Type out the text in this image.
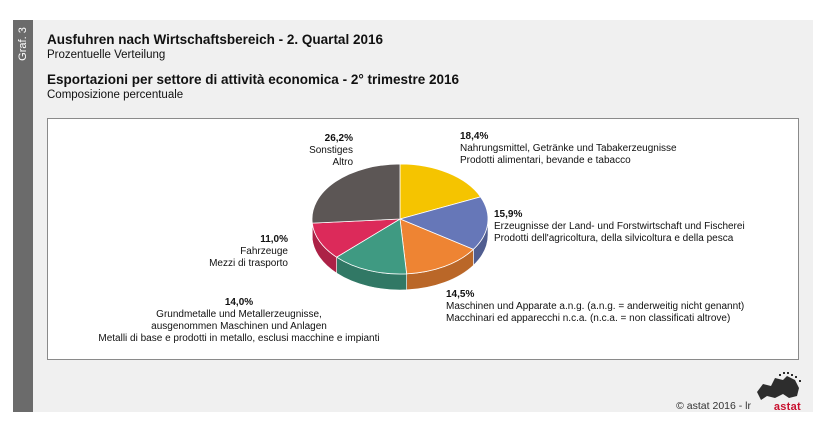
Graf. 3 Ausfuhren nach Wirtschaftsbereich - 2. Quartal 2016
Prozentuelle Verteilung
Esportazioni per settore di attività economica - 2° trimestre 2016
Composizione percentuale
18,4%
Nahrungsmittel, Getränke und Tabakerzeugnisse
Prodotti alimentari, bevande e tabacco
15,9%
Erzeugnisse der Land- und Forstwirtschaft und Fischerei
Prodotti dell'agricoltura, della silvicoltura e della pesca
14,5%
Maschinen und Apparate a.n.g. (a.n.g. = anderweitig nicht genannt)
Macchinari ed apparecchi n.c.a. (n.c.a. = non classificati altrove)
14,0%
Grundmetalle und Metallerzeugnisse,
ausgenommen Maschinen und Anlagen
Metalli di base e prodotti in metallo, esclusi macchine e impianti
11,0%
Fahrzeuge
Mezzi di trasporto
26,2%
Sonstiges
Altro
© astat 2016 - lr astat
